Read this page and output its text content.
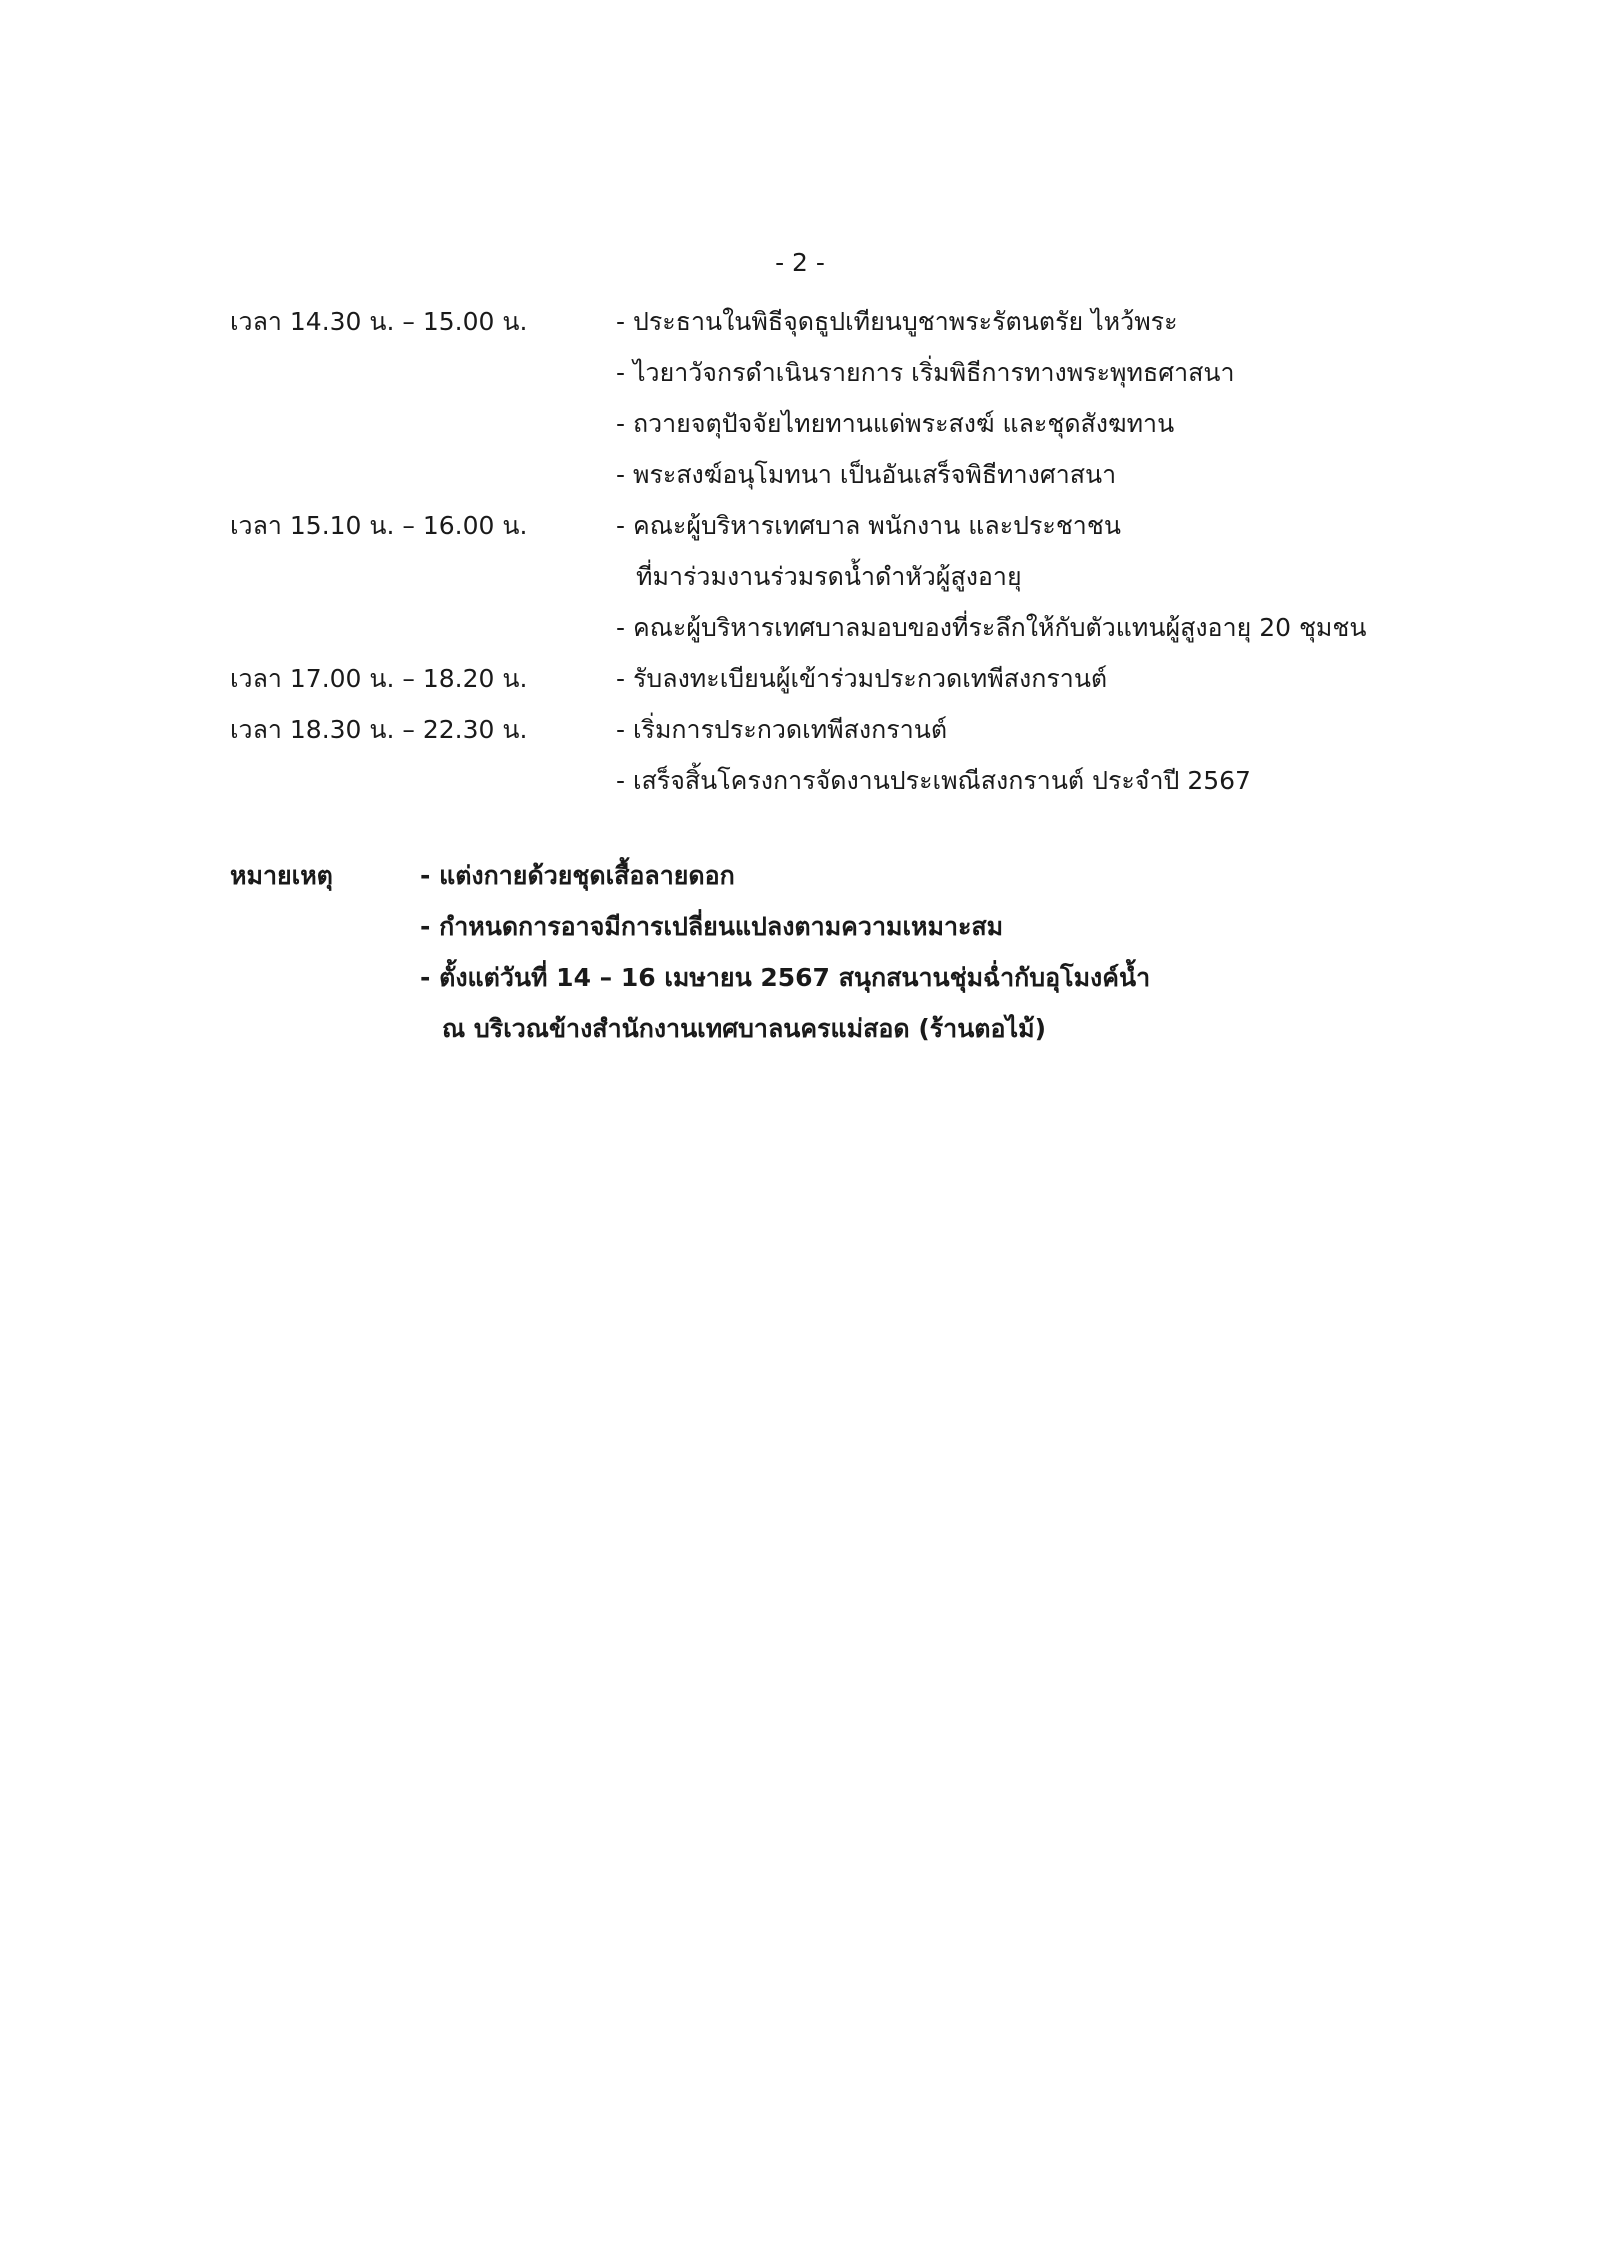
- 2 -
เวลา 14.30 น. – 15.00 น.	- ประธานในพิธีจุดธูปเทียนบูชาพระรัตนตรัย ไหว้พระ
- ไวยาวัจกรดำเนินรายการ เริ่มพิธีการทางพระพุทธศาสนา
- ถวายจตุปัจจัยไทยทานแด่พระสงฆ์ และชุดสังฆทาน
- พระสงฆ์อนุโมทนา เป็นอันเสร็จพิธีทางศาสนา
เวลา 15.10 น. – 16.00 น.	- คณะผู้บริหารเทศบาล พนักงาน และประชาชน
ที่มาร่วมงานร่วมรดน้ำดำหัวผู้สูงอายุ
- คณะผู้บริหารเทศบาลมอบของที่ระลึกให้กับตัวแทนผู้สูงอายุ 20 ชุมชน
เวลา 17.00 น. – 18.20 น.	- รับลงทะเบียนผู้เข้าร่วมประกวดเทพีสงกรานต์
เวลา 18.30 น. – 22.30 น.	- เริ่มการประกวดเทพีสงกรานต์
- เสร็จสิ้นโครงการจัดงานประเพณีสงกรานต์ ประจำปี 2567
หมายเหตุ	- แต่งกายด้วยชุดเสื้อลายดอก
- กำหนดการอาจมีการเปลี่ยนแปลงตามความเหมาะสม
- ตั้งแต่วันที่ 14 – 16 เมษายน 2567 สนุกสนานชุ่มฉ่ำกับอุโมงค์น้ำ
ณ บริเวณข้างสำนักงานเทศบาลนครแม่สอด (ร้านตอไม้)
